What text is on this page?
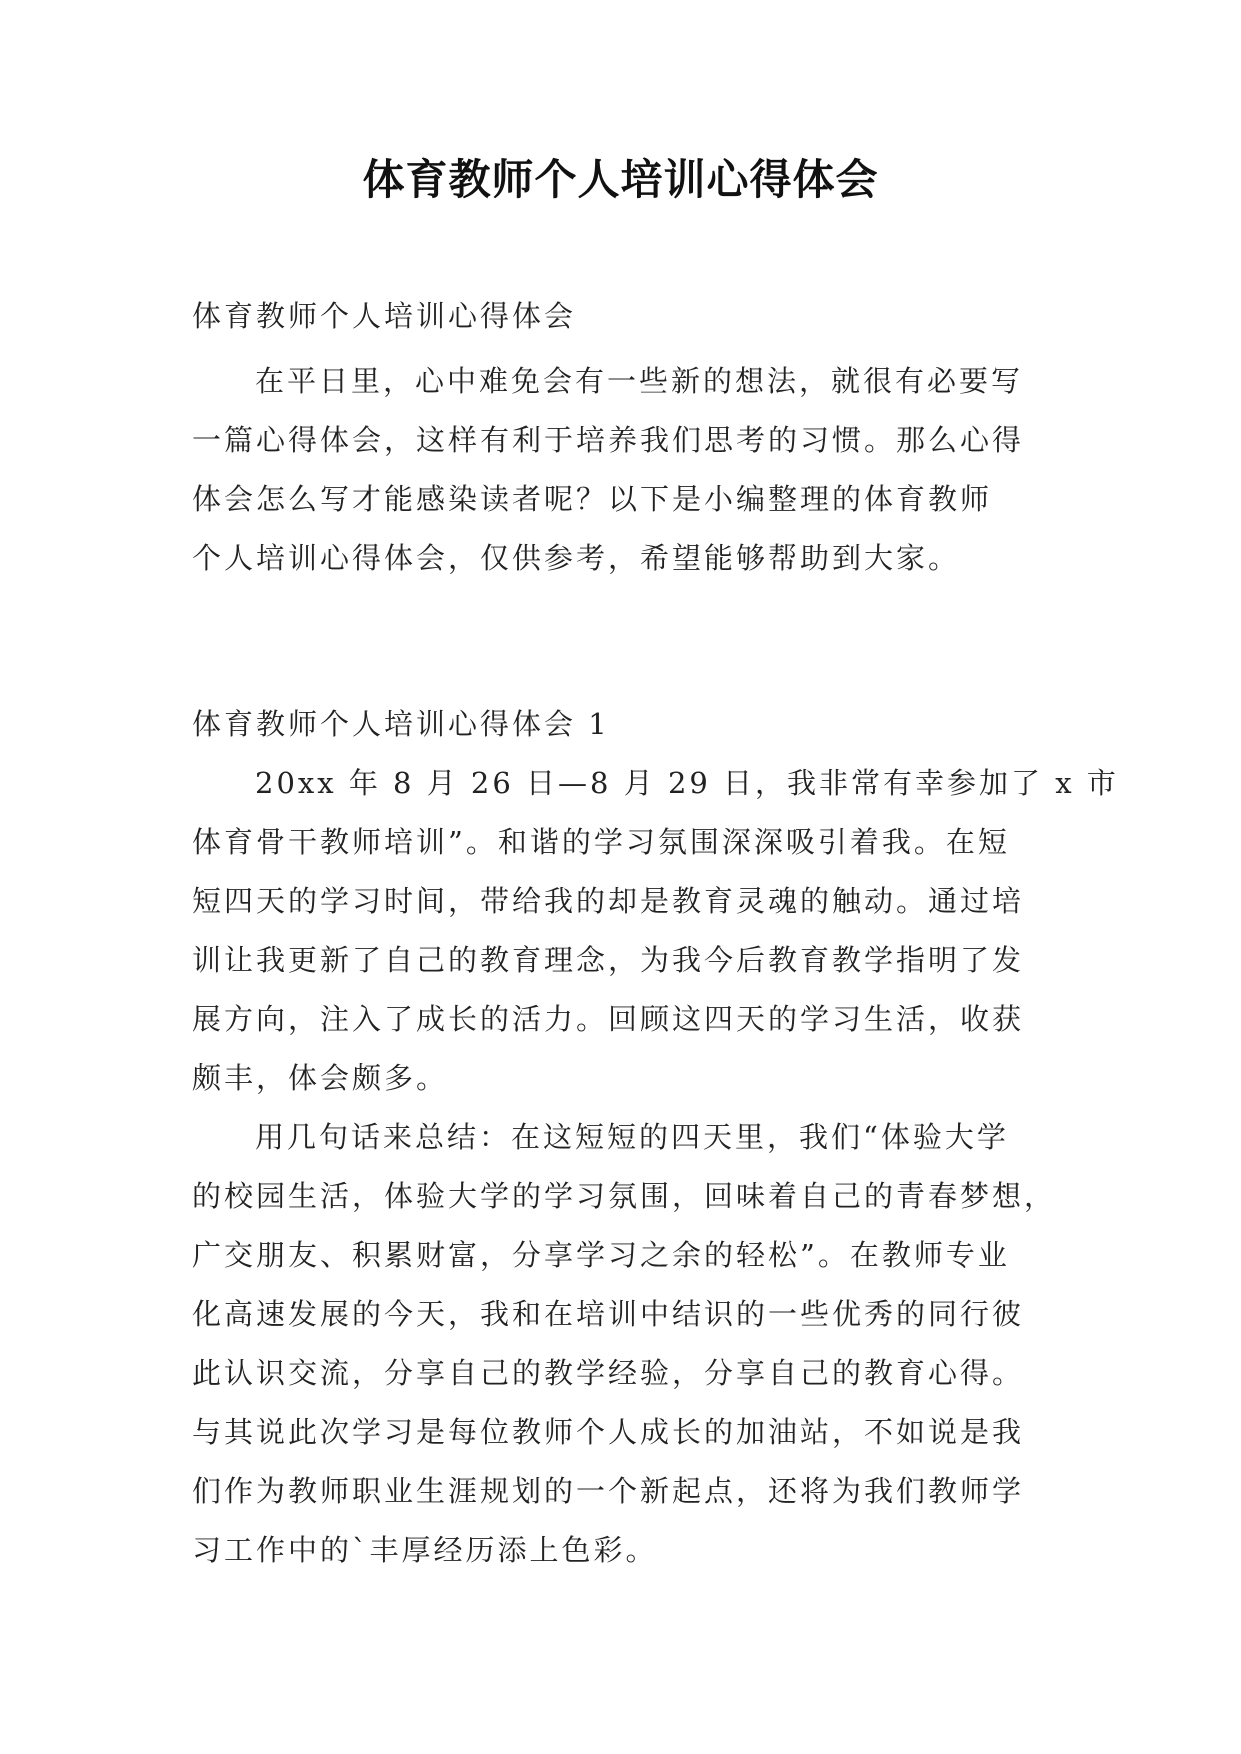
体育教师个人培训心得体会
体育教师个人培训心得体会
在平日里，心中难免会有一些新的想法，就很有必要写
一篇心得体会，这样有利于培养我们思考的习惯。那么心得
体会怎么写才能感染读者呢？以下是小编整理的体育教师
个人培训心得体会，仅供参考，希望能够帮助到大家。
体育教师个人培训心得体会 1
20xx 年 8 月 26 日—8 月 29 日，我非常有幸参加了 x 市
体育骨干教师培训”。和谐的学习氛围深深吸引着我。在短
短四天的学习时间，带给我的却是教育灵魂的触动。通过培
训让我更新了自己的教育理念，为我今后教育教学指明了发
展方向，注入了成长的活力。回顾这四天的学习生活，收获
颇丰，体会颇多。
用几句话来总结：在这短短的四天里，我们“体验大学
的校园生活，体验大学的学习氛围，回味着自己的青春梦想，
广交朋友、积累财富，分享学习之余的轻松”。在教师专业
化高速发展的今天，我和在培训中结识的一些优秀的同行彼
此认识交流，分享自己的教学经验，分享自己的教育心得。
与其说此次学习是每位教师个人成长的加油站，不如说是我
们作为教师职业生涯规划的一个新起点，还将为我们教师学
习工作中的`丰厚经历添上色彩。
